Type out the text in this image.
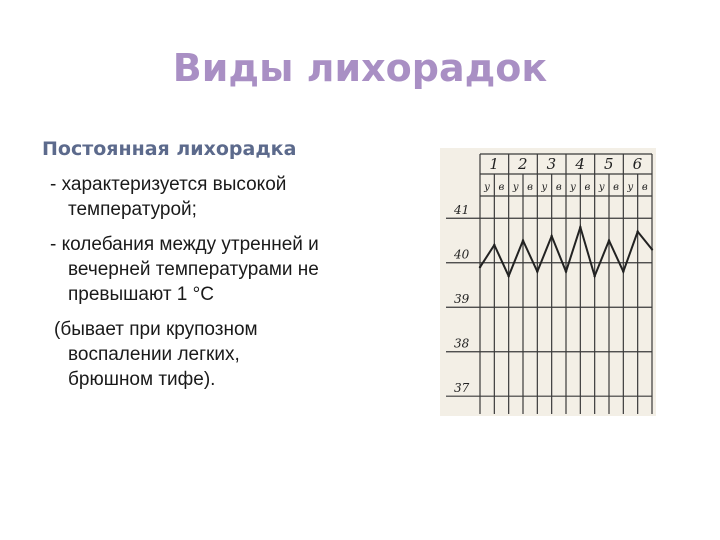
Виды лихорадок
Постоянная лихорадка
- характеризуется высокой
температурой;
- колебания между утренней и
вечерней температурами не
превышают 1 °С
(бывает при крупозном
воспалении легких,
брюшном тифе).
41
40
39
38
37
1
у в
2
у в
3
у в
4
у в
5
у в
6
у в
